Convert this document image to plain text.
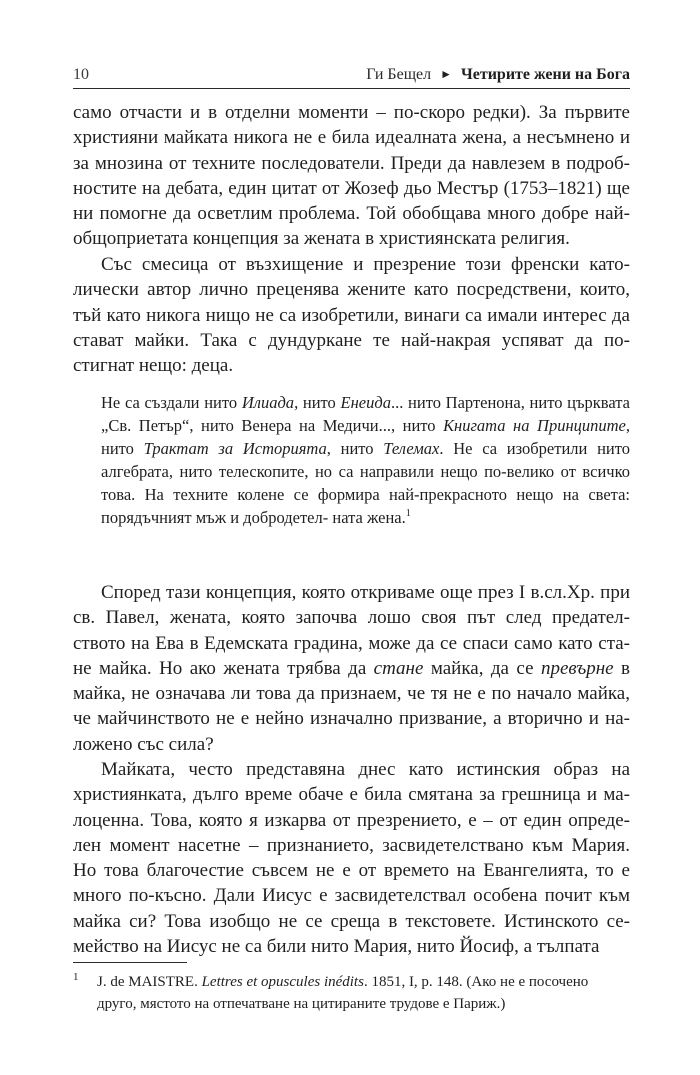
10	Ги Бещел ► Четирите жени на Бога

само отчасти и в отделни моменти – по-скоро редки). За първите християни майката никога не е била идеалната жена, а несъмнено и за мнозина от техните последователи. Преди да навлезем в подроб- ностите на дебата, един цитат от Жозеф дьо Местър (1753–1821) ще ни помогне да осветлим проблема. Той обобщава много добре най-общоприетата концепция за жената в християнската религия.

Със смесица от възхищение и презрение този френски като- лически автор лично преценява жените като посредствени, които, тъй като никога нищо не са изобретили, винаги са имали интерес да стават майки. Така с дундуркане те най-накрая успяват да по- стигнат нещо: деца.

Не са създали нито Илиада, нито Енеида... нито Партенона, нито църквата „Св. Петър“, нито Венера на Медичи..., нито Книгата на Принципите, нито Трактат за Историята, нито Телемах. Не са изобретили нито алгебрата, нито телескопите, но са направили нещо по-велико от всичко това. На техните колене се формира най-прекрасното нещо на света: порядъчният мъж и добродетел- ната жена.$^1$

Според тази концепция, която откриваме още през I в.сл.Хр. при св. Павел, жената, която започва лошо своя път след предател- ството на Ева в Едемската градина, може да се спаси само като ста- не майка. Но ако жената трябва да стане майка, да се превърне в майка, не означава ли това да признаем, че тя не е по начало майка, че майчинството не е нейно изначално призвание, а вторично и на- ложено със сила?

Майката, често представяна днес като истинския образ на християнката, дълго време обаче е била смятана за грешница и ма- лоценна. Това, която я изкарва от презрението, е – от един опреде- лен момент насетне – признанието, засвидетелствано към Мария. Но това благочестие съвсем не е от времето на Евангелията, то е много по-късно. Дали Иисус е засвидетелствал особена почит към майка си? Това изобщо не се среща в текстовете. Истинското се- мейство на Иисус не са били нито Мария, нито Йосиф, а тълпата

1 J. de MAISTRE. Lettres et opuscules inédits. 1851, I, p. 148. (Ако не е посочено
друго, мястото на отпечатване на цитираните трудове е Париж.)
